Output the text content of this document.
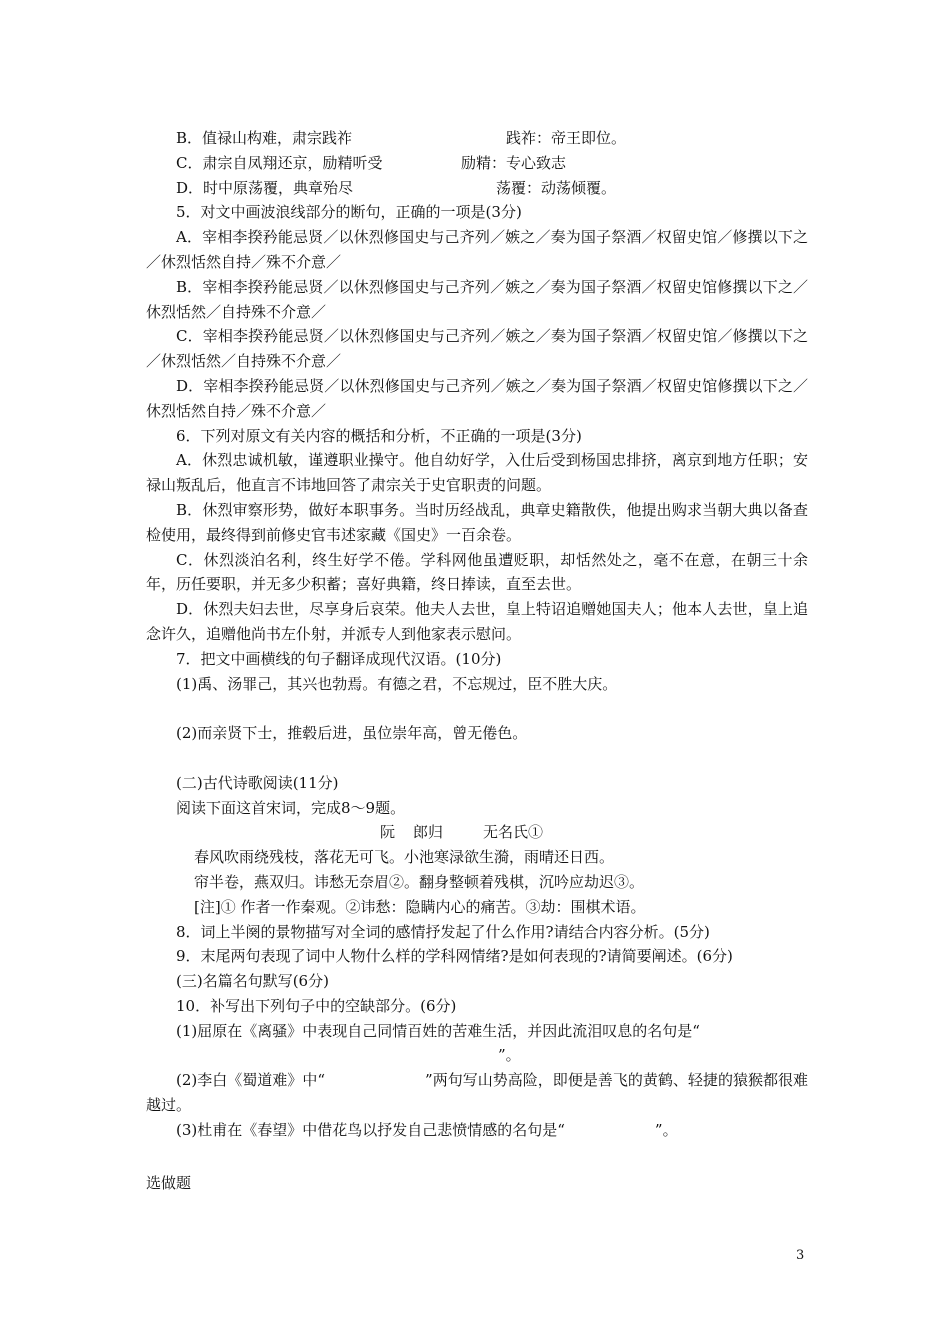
B．值禄山构难，肃宗践祚	践祚：帝王即位。

C．肃宗自凤翔还京，励精听受	励精：专心致志

D．时中原荡覆，典章殆尽	荡覆：动荡倾覆。

5．对文中画波浪线部分的断句，正确的一项是(3分)

A．宰相李揆矜能忌贤／以休烈修国史与己齐列／嫉之／奏为国子祭酒／权留史馆／修撰以下之／休烈恬然自持／殊不介意／

B．宰相李揆矜能忌贤／以休烈修国史与己齐列／嫉之／奏为国子祭酒／权留史馆修撰以下之／休烈恬然／自持殊不介意／

C．宰相李揆矜能忌贤／以休烈修国史与己齐列／嫉之／奏为国子祭酒／权留史馆／修撰以下之／休烈恬然／自持殊不介意／

D．宰相李揆矜能忌贤／以休烈修国史与己齐列／嫉之／奏为国子祭酒／权留史馆修撰以下之／休烈恬然自持／殊不介意／

6．下列对原文有关内容的概括和分析，不正确的一项是(3分)

A．休烈忠诚机敏，谨遵职业操守。他自幼好学，入仕后受到杨国忠排挤，离京到地方任职；安禄山叛乱后，他直言不讳地回答了肃宗关于史官职责的问题。

B．休烈审察形势，做好本职事务。当时历经战乱，典章史籍散佚，他提出购求当朝大典以备查检使用，最终得到前修史官韦述家藏《国史》一百余卷。

C．休烈淡泊名利，终生好学不倦。学科网他虽遭贬职，却恬然处之，毫不在意，在朝三十余年，历任要职，并无多少积蓄；喜好典籍，终日捧读，直至去世。

D．休烈夫妇去世，尽享身后哀荣。他夫人去世，皇上特诏追赠她国夫人；他本人去世，皇上追念许久，追赠他尚书左仆射，并派专人到他家表示慰问。

7．把文中画横线的句子翻译成现代汉语。(10分)

(1)禹、汤罪己，其兴也勃焉。有德之君，不忘规过，臣不胜大庆。

(2)而亲贤下士，推毂后进，虽位崇年高，曾无倦色。

(二)古代诗歌阅读(11分)

阅读下面这首宋词，完成8～9题。

阮 郎归	无名氏①

春风吹雨绕残枝，落花无可飞。小池寒渌欲生漪，雨晴还日西。

帘半卷，燕双归。讳愁无奈眉②。翻身整顿着残棋，沉吟应劫迟③。

[注]① 作者一作秦观。②讳愁：隐瞒内心的痛苦。③劫：围棋术语。

8．词上半阕的景物描写对全词的感情抒发起了什么作用?请结合内容分析。(5分)

9．末尾两句表现了词中人物什么样的学科网情绪?是如何表现的?请简要阐述。(6分)

(三)名篇名句默写(6分)

10．补写出下列句子中的空缺部分。(6分)

(1)屈原在《离骚》中表现自己同情百姓的苦难生活，并因此流泪叹息的名句是“

”。

(2)李白《蜀道难》中“	”两句写山势高险，即便是善飞的黄鹤、轻捷的猿猴都很难越过。

(3)杜甫在《春望》中借花鸟以抒发自己悲愤情感的名句是“	”。

选做题

3
